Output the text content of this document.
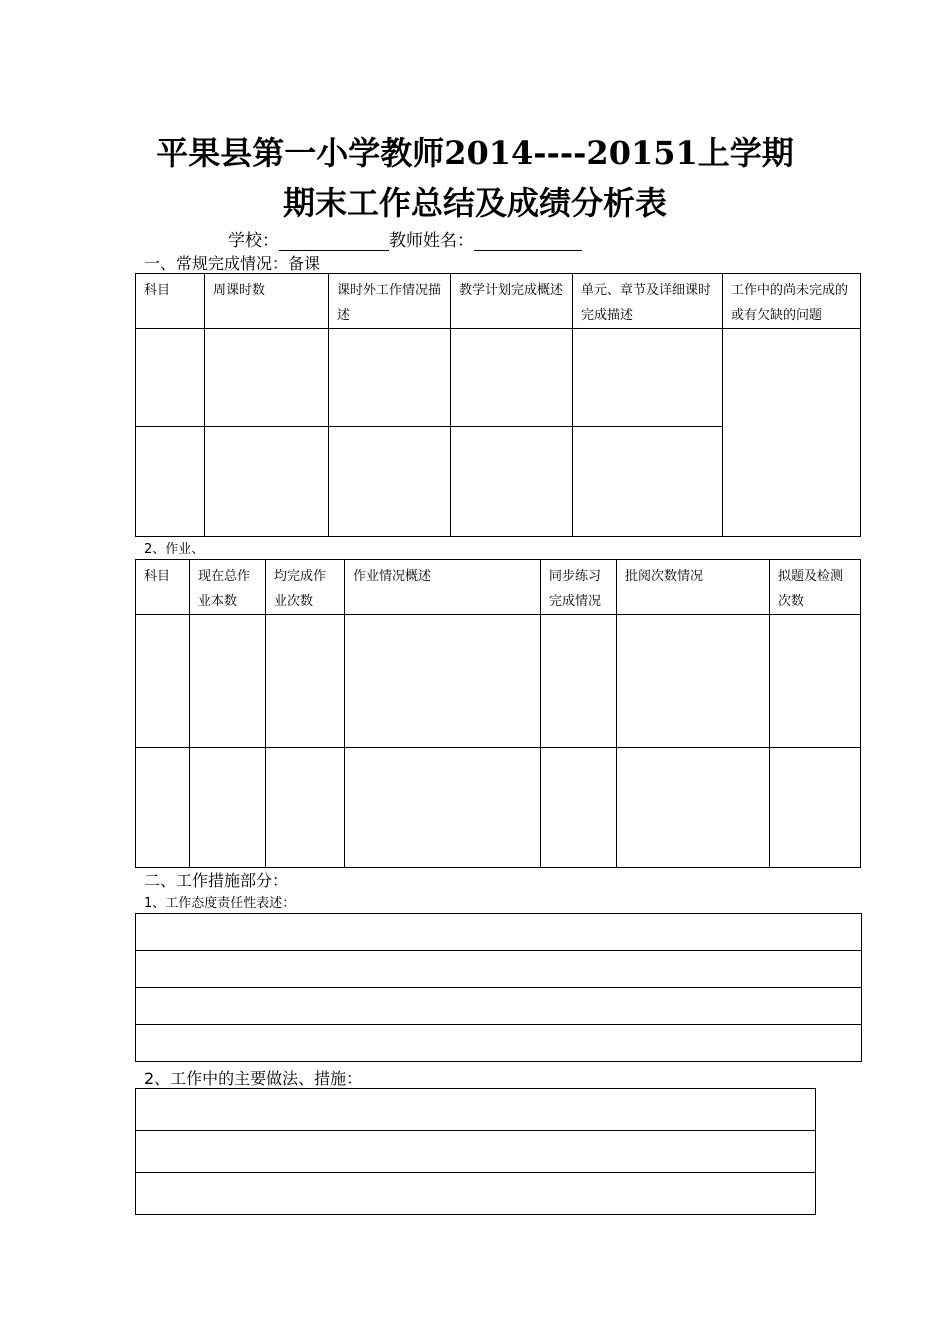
平果县第一小学教师2014----20151上学期
期末工作总结及成绩分析表
学校：	教师姓名：
一、常规完成情况：备课
科目	周课时数	课时外工作情况描述	教学计划完成概述	单元、章节及详细课时完成描述	工作中的尚未完成的或有欠缺的问题

2、作业、
科目	现在总作业本数	均完成作业次数	作业情况概述	同步练习完成情况	批阅次数情况	拟题及检测次数

二、工作措施部分：
1、工作态度责任性表述：

2、工作中的主要做法、措施：
